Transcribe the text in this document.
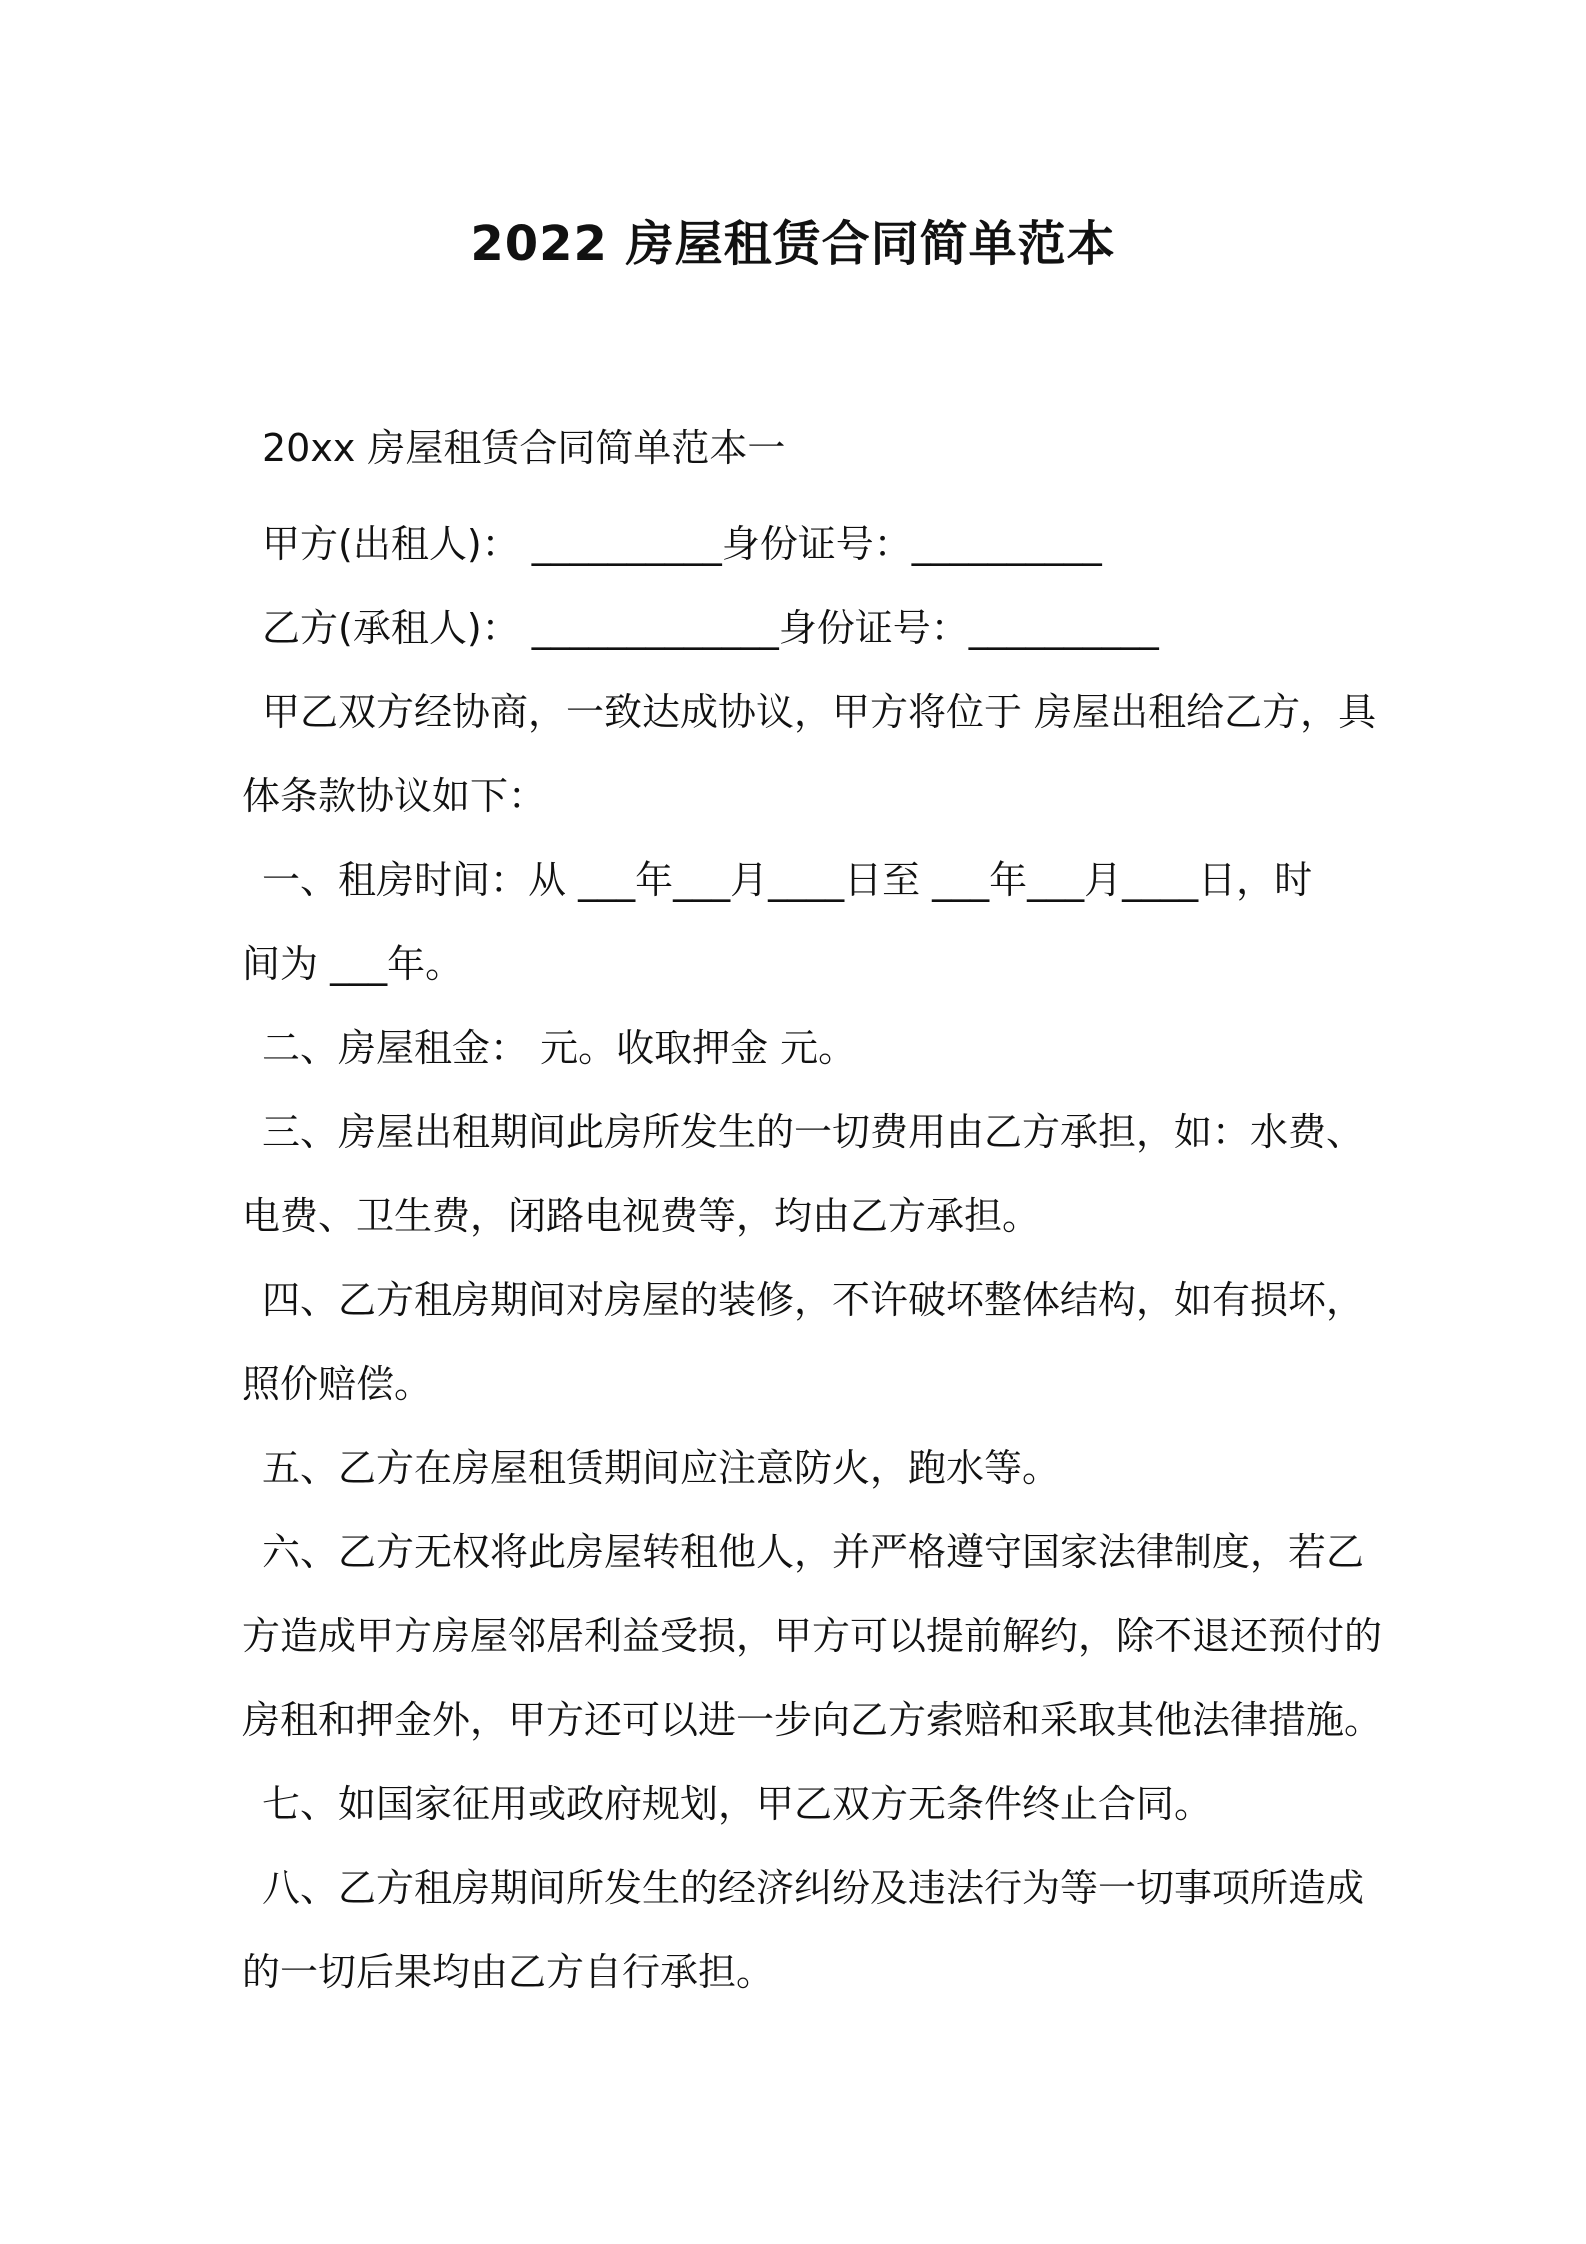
2022 房屋租赁合同简单范本
20xx 房屋租赁合同简单范本一
甲方(出租人)： __________身份证号：__________
乙方(承租人)： _____________身份证号：__________
甲乙双方经协商，一致达成协议，甲方将位于 房屋出租给乙方，具
体条款协议如下：
一、租房时间：从 ___年___月____日至 ___年___月____日，时
间为 ___年。
二、房屋租金： 元。收取押金 元。
三、房屋出租期间此房所发生的一切费用由乙方承担，如：水费、
电费、卫生费，闭路电视费等，均由乙方承担。
四、乙方租房期间对房屋的装修，不许破坏整体结构，如有损坏，
照价赔偿。
五、乙方在房屋租赁期间应注意防火，跑水等。
六、乙方无权将此房屋转租他人，并严格遵守国家法律制度，若乙
方造成甲方房屋邻居利益受损，甲方可以提前解约，除不退还预付的
房租和押金外，甲方还可以进一步向乙方索赔和采取其他法律措施。
七、如国家征用或政府规划，甲乙双方无条件终止合同。
八、乙方租房期间所发生的经济纠纷及违法行为等一切事项所造成
的一切后果均由乙方自行承担。
